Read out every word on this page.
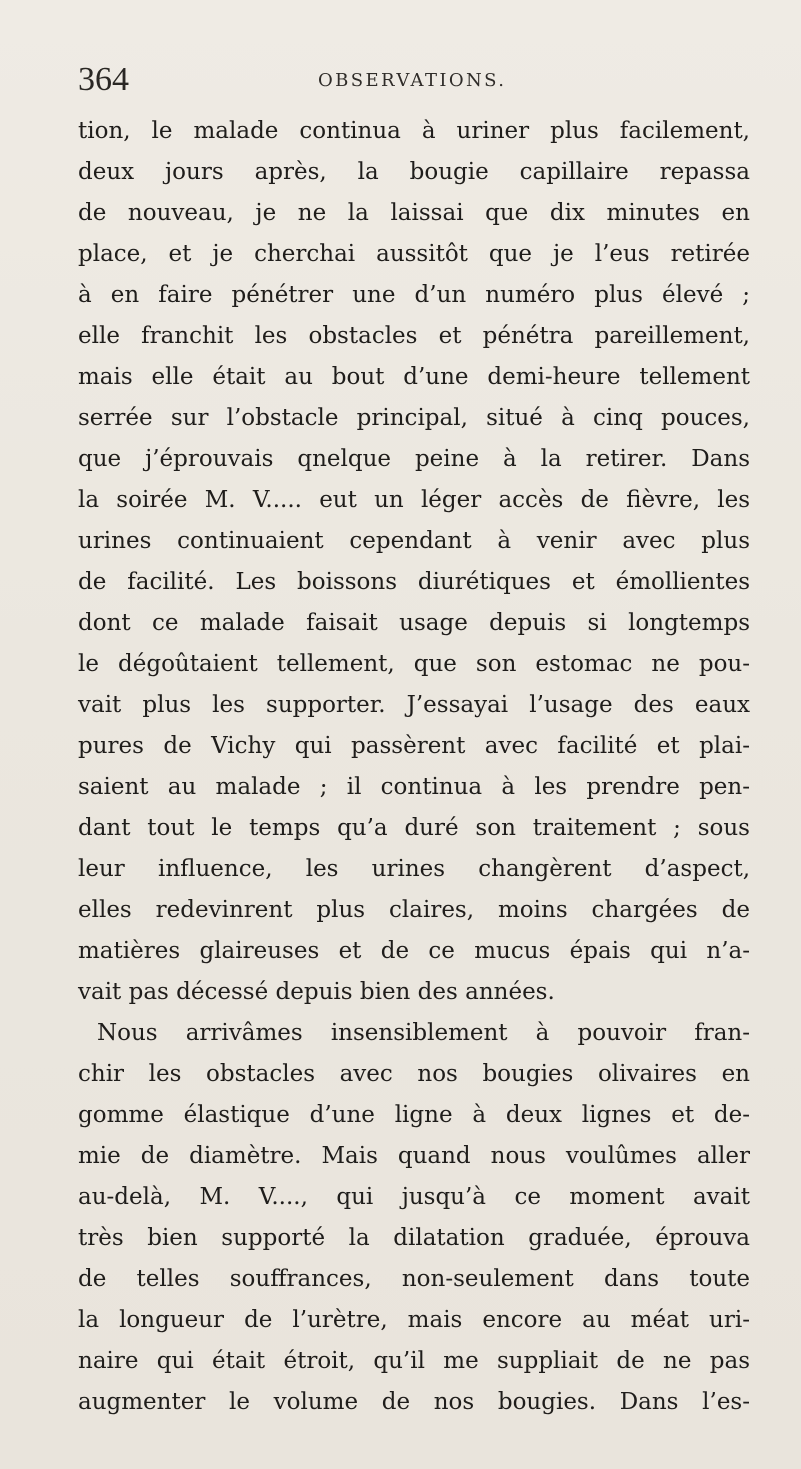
364	OBSERVATIONS.
tion, le malade continua à uriner plus facilement,
deux jours après, la bougie capillaire repassa
de nouveau, je ne la laissai que dix minutes en
place, et je cherchai aussitôt que je l’eus retirée
à en faire pénétrer une d’un numéro plus élevé ;
elle franchit les obstacles et pénétra pareillement,
mais elle était au bout d’une demi-heure tellement
serrée sur l’obstacle principal, situé à cinq pouces,
que j’éprouvais qnelque peine à la retirer. Dans
la soirée M. V..... eut un léger accès de fièvre, les
urines continuaient cependant à venir avec plus
de facilité. Les boissons diurétiques et émollientes
dont ce malade faisait usage depuis si longtemps
le dégoûtaient tellement, que son estomac ne pou-
vait plus les supporter. J’essayai l’usage des eaux
pures de Vichy qui passèrent avec facilité et plai-
saient au malade ; il continua à les prendre pen-
dant tout le temps qu’a duré son traitement ; sous
leur influence, les urines changèrent d’aspect,
elles redevinrent plus claires, moins chargées de
matières glaireuses et de ce mucus épais qui n’a-
vait pas décessé depuis bien des années.
Nous arrivâmes insensiblement à pouvoir fran-
chir les obstacles avec nos bougies olivaires en
gomme élastique d’une ligne à deux lignes et de-
mie de diamètre. Mais quand nous voulûmes aller
au-delà, M. V...., qui jusqu’à ce moment avait
très bien supporté la dilatation graduée, éprouva
de telles souffrances, non-seulement dans toute
la longueur de l’urètre, mais encore au méat uri-
naire qui était étroit, qu’il me suppliait de ne pas
augmenter le volume de nos bougies. Dans l’es-
